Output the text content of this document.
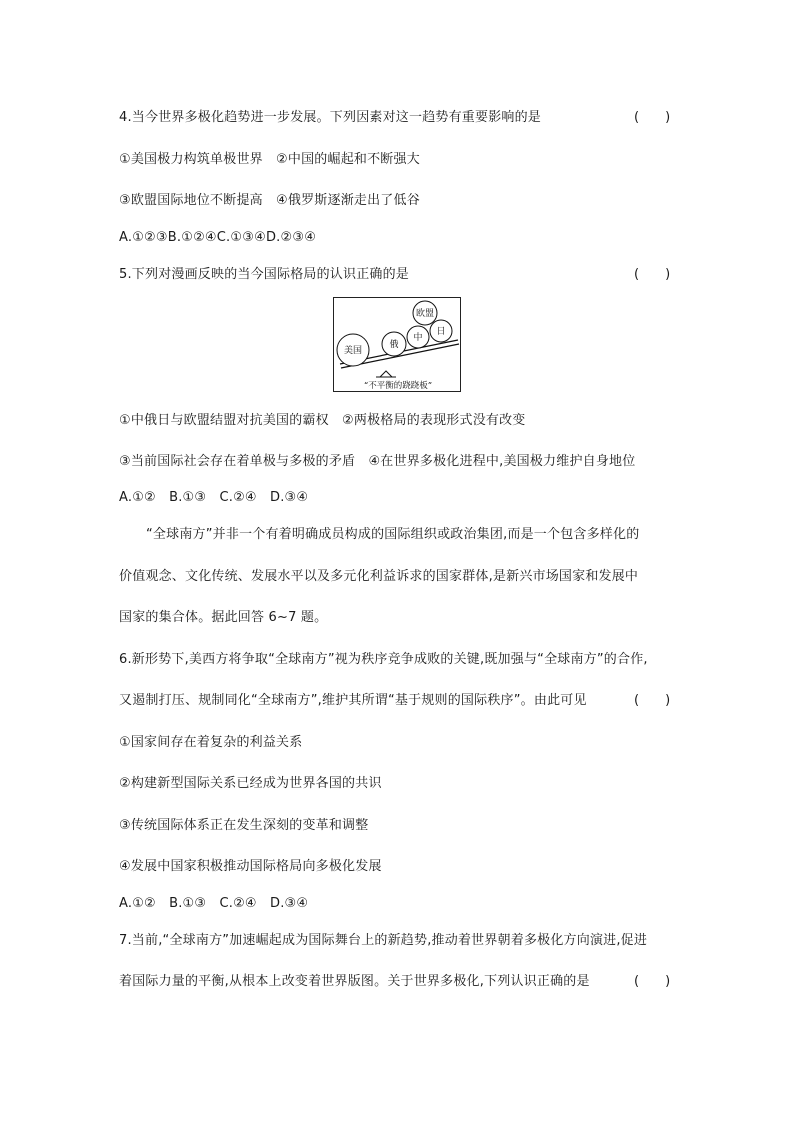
4.当今世界多极化趋势进一步发展。下列因素对这一趋势有重要影响的是	(　　)
①美国极力构筑单极世界　②中国的崛起和不断强大
③欧盟国际地位不断提高　④俄罗斯逐渐走出了低谷
A.①②③B.①②④C.①③④D.②③④
5.下列对漫画反映的当今国际格局的认识正确的是	(　　)
美国
俄
中
日
欧盟
“不平衡的跷跷板”
①中俄日与欧盟结盟对抗美国的霸权　②两极格局的表现形式没有改变
③当前国际社会存在着单极与多极的矛盾　④在世界多极化进程中,美国极力维护自身地位
A.①②　B.①③　C.②④　D.③④
“全球南方”并非一个有着明确成员构成的国际组织或政治集团,而是一个包含多样化的
价值观念、文化传统、发展水平以及多元化利益诉求的国家群体,是新兴市场国家和发展中
国家的集合体。据此回答 6~7 题。
6.新形势下,美西方将争取“全球南方”视为秩序竞争成败的关键,既加强与“全球南方”的合作,
又遏制打压、规制同化“全球南方”,维护其所谓“基于规则的国际秩序”。由此可见	(　　)
①国家间存在着复杂的利益关系
②构建新型国际关系已经成为世界各国的共识
③传统国际体系正在发生深刻的变革和调整
④发展中国家积极推动国际格局向多极化发展
A.①②　B.①③　C.②④　D.③④
7.当前,“全球南方”加速崛起成为国际舞台上的新趋势,推动着世界朝着多极化方向演进,促进
着国际力量的平衡,从根本上改变着世界版图。关于世界多极化,下列认识正确的是	(　　)
